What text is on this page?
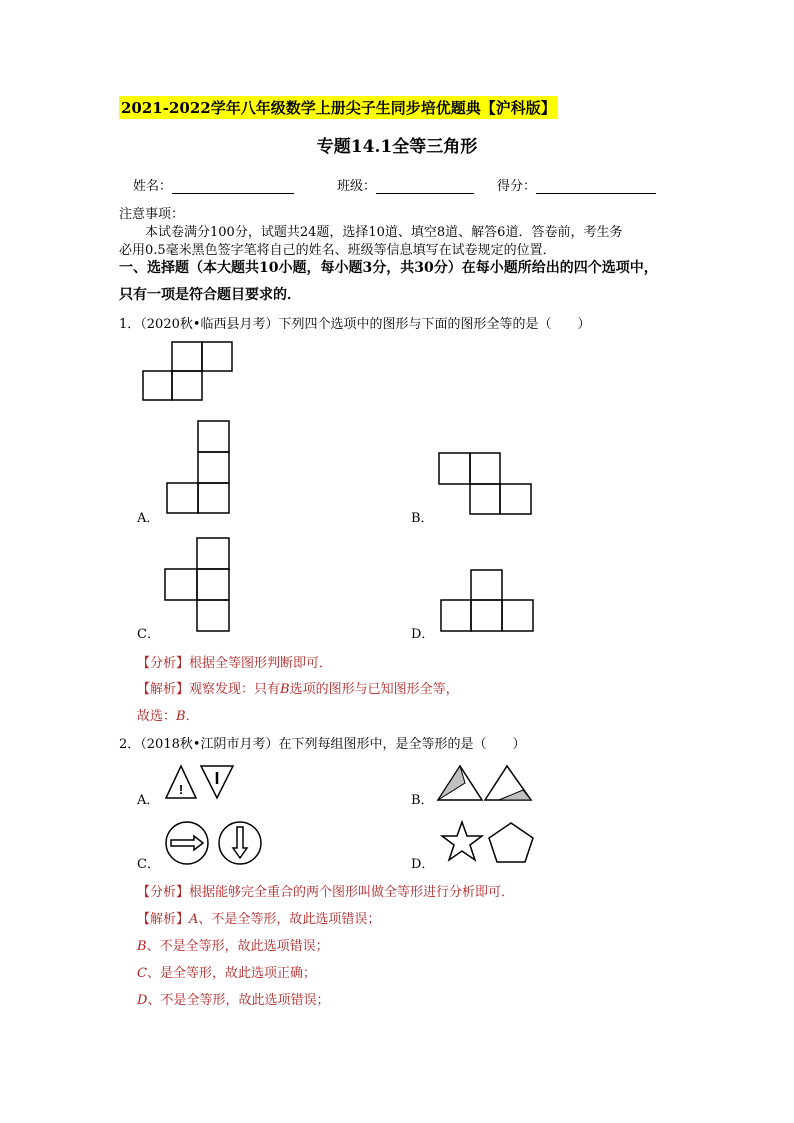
2021-2022学年八年级数学上册尖子生同步培优题典【沪科版】
专题14.1全等三角形
姓名：	班级：	得分：
注意事项：
本试卷满分100分，试题共24题，选择10道、填空8道、解答6道．答卷前，考生务
必用0.5毫米黑色签字笔将自己的姓名、班级等信息填写在试卷规定的位置．
一、选择题（本大题共10小题，每小题3分，共30分）在每小题所给出的四个选项中，
只有一项是符合题目要求的．
1．（2020秋•临西县月考）下列四个选项中的图形与下面的图形全等的是（　　）
A．	B．
C．	D．
【分析】根据全等图形判断即可．
【解析】观察发现：只有B选项的图形与已知图形全等，
故选：B．
2．（2018秋•江阴市月考）在下列每组图形中，是全等形的是（　　）
!
A．	B．
C．	D．
【分析】根据能够完全重合的两个图形叫做全等形进行分析即可．
【解析】A、不是全等形，故此选项错误；
B、不是全等形，故此选项错误；
C、是全等形，故此选项正确；
D、不是全等形，故此选项错误；
